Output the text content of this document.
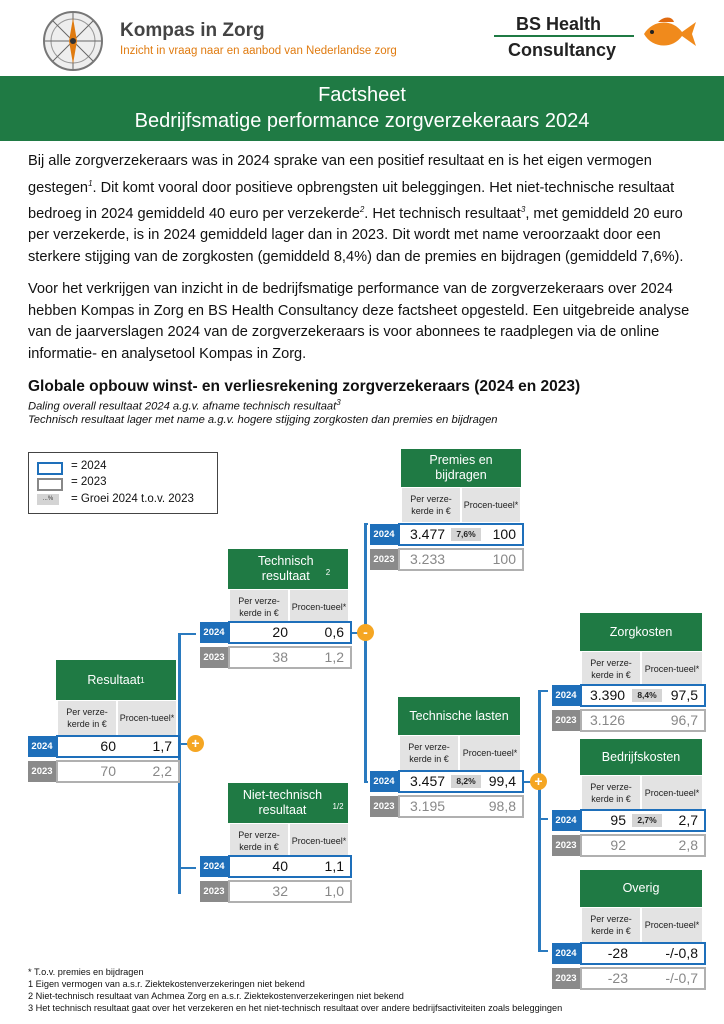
Kompas in Zorg
Inzicht in vraag naar en aanbod van Nederlandse zorg
BS Health
Consultancy
Factsheet
Bedrijfsmatige performance zorgverzekeraars 2024

Bij alle zorgverzekeraars was in 2024 sprake van een positief resultaat en is het eigen vermogen gestegen$^1$. Dit komt vooral door positieve opbrengsten uit beleggingen. Het niet-technische resultaat bedroeg in 2024 gemiddeld 40 euro per verzekerde$^2$. Het technisch resultaat$^3$, met gemiddeld 20 euro per verzekerde, is in 2024 gemiddeld lager dan in 2023. Dit wordt met name veroorzaakt door een sterkere stijging van de zorgkosten (gemiddeld 8,4%) dan de premies en bijdragen (gemiddeld 7,6%).

Voor het verkrijgen van inzicht in de bedrijfsmatige performance van de zorgverzekeraars over 2024 hebben Kompas in Zorg en BS Health Consultancy deze factsheet opgesteld. Een uitgebreide analyse van de jaarverslagen 2024 van de zorgverzekeraars is voor abonnees te raadplegen via de online informatie- en analysetool Kompas in Zorg.

Globale opbouw winst- en verliesrekening zorgverzekeraars (2024 en 2023)
Daling overall resultaat 2024 a.g.v. afname technisch resultaat$^3$
Technisch resultaat lager met name a.g.v. hogere stijging zorgkosten dan premies en bijdragen
= 2024
= 2023
...%	= Groei 2024 t.o.v. 2023
+
-
+
Resultaat 1
Per verze-kerde in €
Procen-tueel*
2024	60	1,7
2023	70	2,2
Technisch resultaat $^2$
Per verze-kerde in €
Procen-tueel*
2024	20	0,6
2023	38	1,2
Niet-technisch resultaat	$^{1/2}$
Per verze-kerde in €
Procen-tueel*
2024	40	1,1
2023	32	1,0
Premies en bijdragen
Per verze-kerde in €
Procen-tueel*
2024 3.477	7,6%	100
2023 3.233	100
Technische lasten
Per verze-kerde in €
Procen-tueel*
2024 3.457	8,2% 99,4
2023 3.195	98,8
Zorgkosten
Per verze-kerde in €
Procen-tueel*
2024 3.390	8,4%	97,5
2023 3.126	96,7
Bedrijfskosten
Per verze-kerde in €
Procen-tueel*
2024 95	2,7%	2,7
2023 92	2,8
Overig
Per verze-kerde in €
Procen-tueel*
2024 -28	-/-0,8
2023 -23	-/-0,7
* T.o.v. premies en bijdragen
1 Eigen vermogen van a.s.r. Ziektekostenverzekeringen niet bekend
2 Niet-technisch resultaat van Achmea Zorg en a.s.r. Ziektekostenverzekeringen niet bekend
3 Het technisch resultaat gaat over het verzekeren en het niet-technisch resultaat over andere bedrijfsactiviteiten zoals beleggingen
